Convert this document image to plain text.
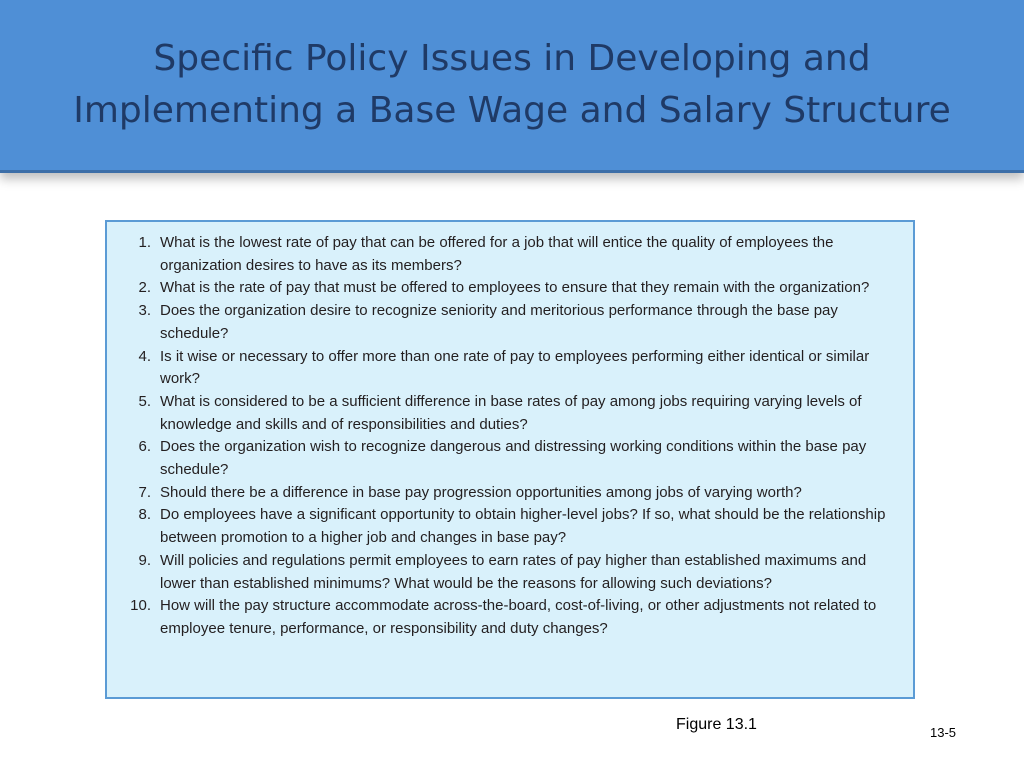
Specific Policy Issues in Developing and
Implementing a Base Wage and Salary Structure
1. What is the lowest rate of pay that can be offered for a job that will entice the quality of employees the organization desires to have as its members?
2. What is the rate of pay that must be offered to employees to ensure that they remain with the organization?
3. Does the organization desire to recognize seniority and meritorious performance through the base pay schedule?
4. Is it wise or necessary to offer more than one rate of pay to employees performing either identical or similar work?
5. What is considered to be a sufficient difference in base rates of pay among jobs requiring varying levels of knowledge and skills and of responsibilities and duties?
6. Does the organization wish to recognize dangerous and distressing working conditions within the base pay schedule?
7. Should there be a difference in base pay progression opportunities among jobs of varying worth?
8. Do employees have a significant opportunity to obtain higher-level jobs? If so, what should be the relationship between promotion to a higher job and changes in base pay?
9. Will policies and regulations permit employees to earn rates of pay higher than established maximums and lower than established minimums? What would be the reasons for allowing such deviations?
10. How will the pay structure accommodate across-the-board, cost-of-living, or other adjustments not related to employee tenure, performance, or responsibility and duty changes?
Figure 13.1	13-5
